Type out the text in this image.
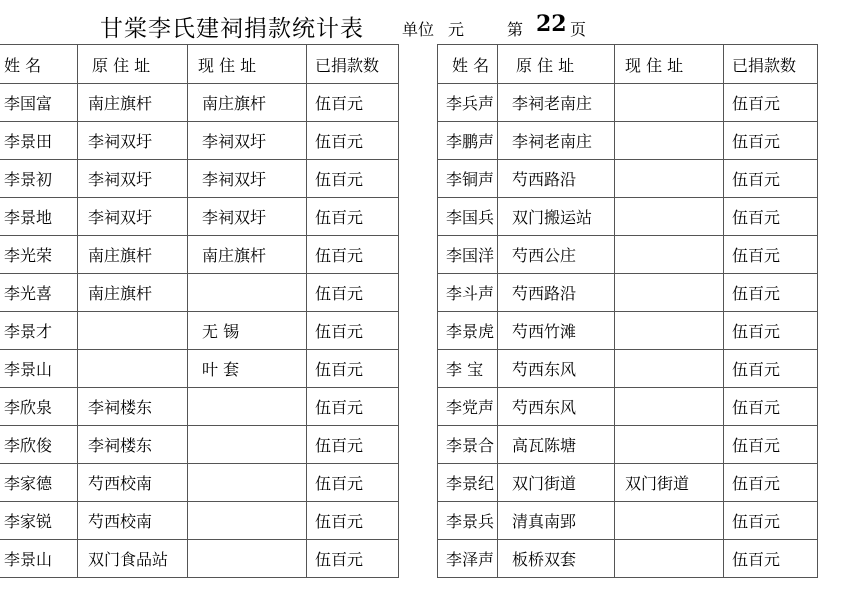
甘棠李氏建祠捐款统计表 单位 元	第 22 页
姓 名	原 住 址	现 住 址	已捐款数
李国富	南庄旗杆	南庄旗杆	伍百元
李景田	李祠双圩	李祠双圩	伍百元
李景初	李祠双圩	李祠双圩	伍百元
李景地	李祠双圩	李祠双圩	伍百元
李光荣	南庄旗杆	南庄旗杆	伍百元
李光喜	南庄旗杆		伍百元
李景才		无 锡	伍百元
李景山		叶 套	伍百元
李欣泉	李祠楼东		伍百元
李欣俊	李祠楼东		伍百元
李家德	芍西校南		伍百元
李家锐	芍西校南		伍百元
李景山	双门食品站		伍百元
姓 名	原 住 址	现 住 址	已捐款数
李兵声	李祠老南庄		伍百元
李鹏声	李祠老南庄		伍百元
李铜声	芍西路沿		伍百元
李国兵	双门搬运站		伍百元
李国洋	芍西公庄		伍百元
李斗声	芍西路沿		伍百元
李景虎	芍西竹滩		伍百元
李 宝	芍西东风		伍百元
李党声	芍西东风		伍百元
李景合	高瓦陈塘		伍百元
李景纪	双门街道	双门街道	伍百元
李景兵	清真南郢		伍百元
李泽声	板桥双套		伍百元
